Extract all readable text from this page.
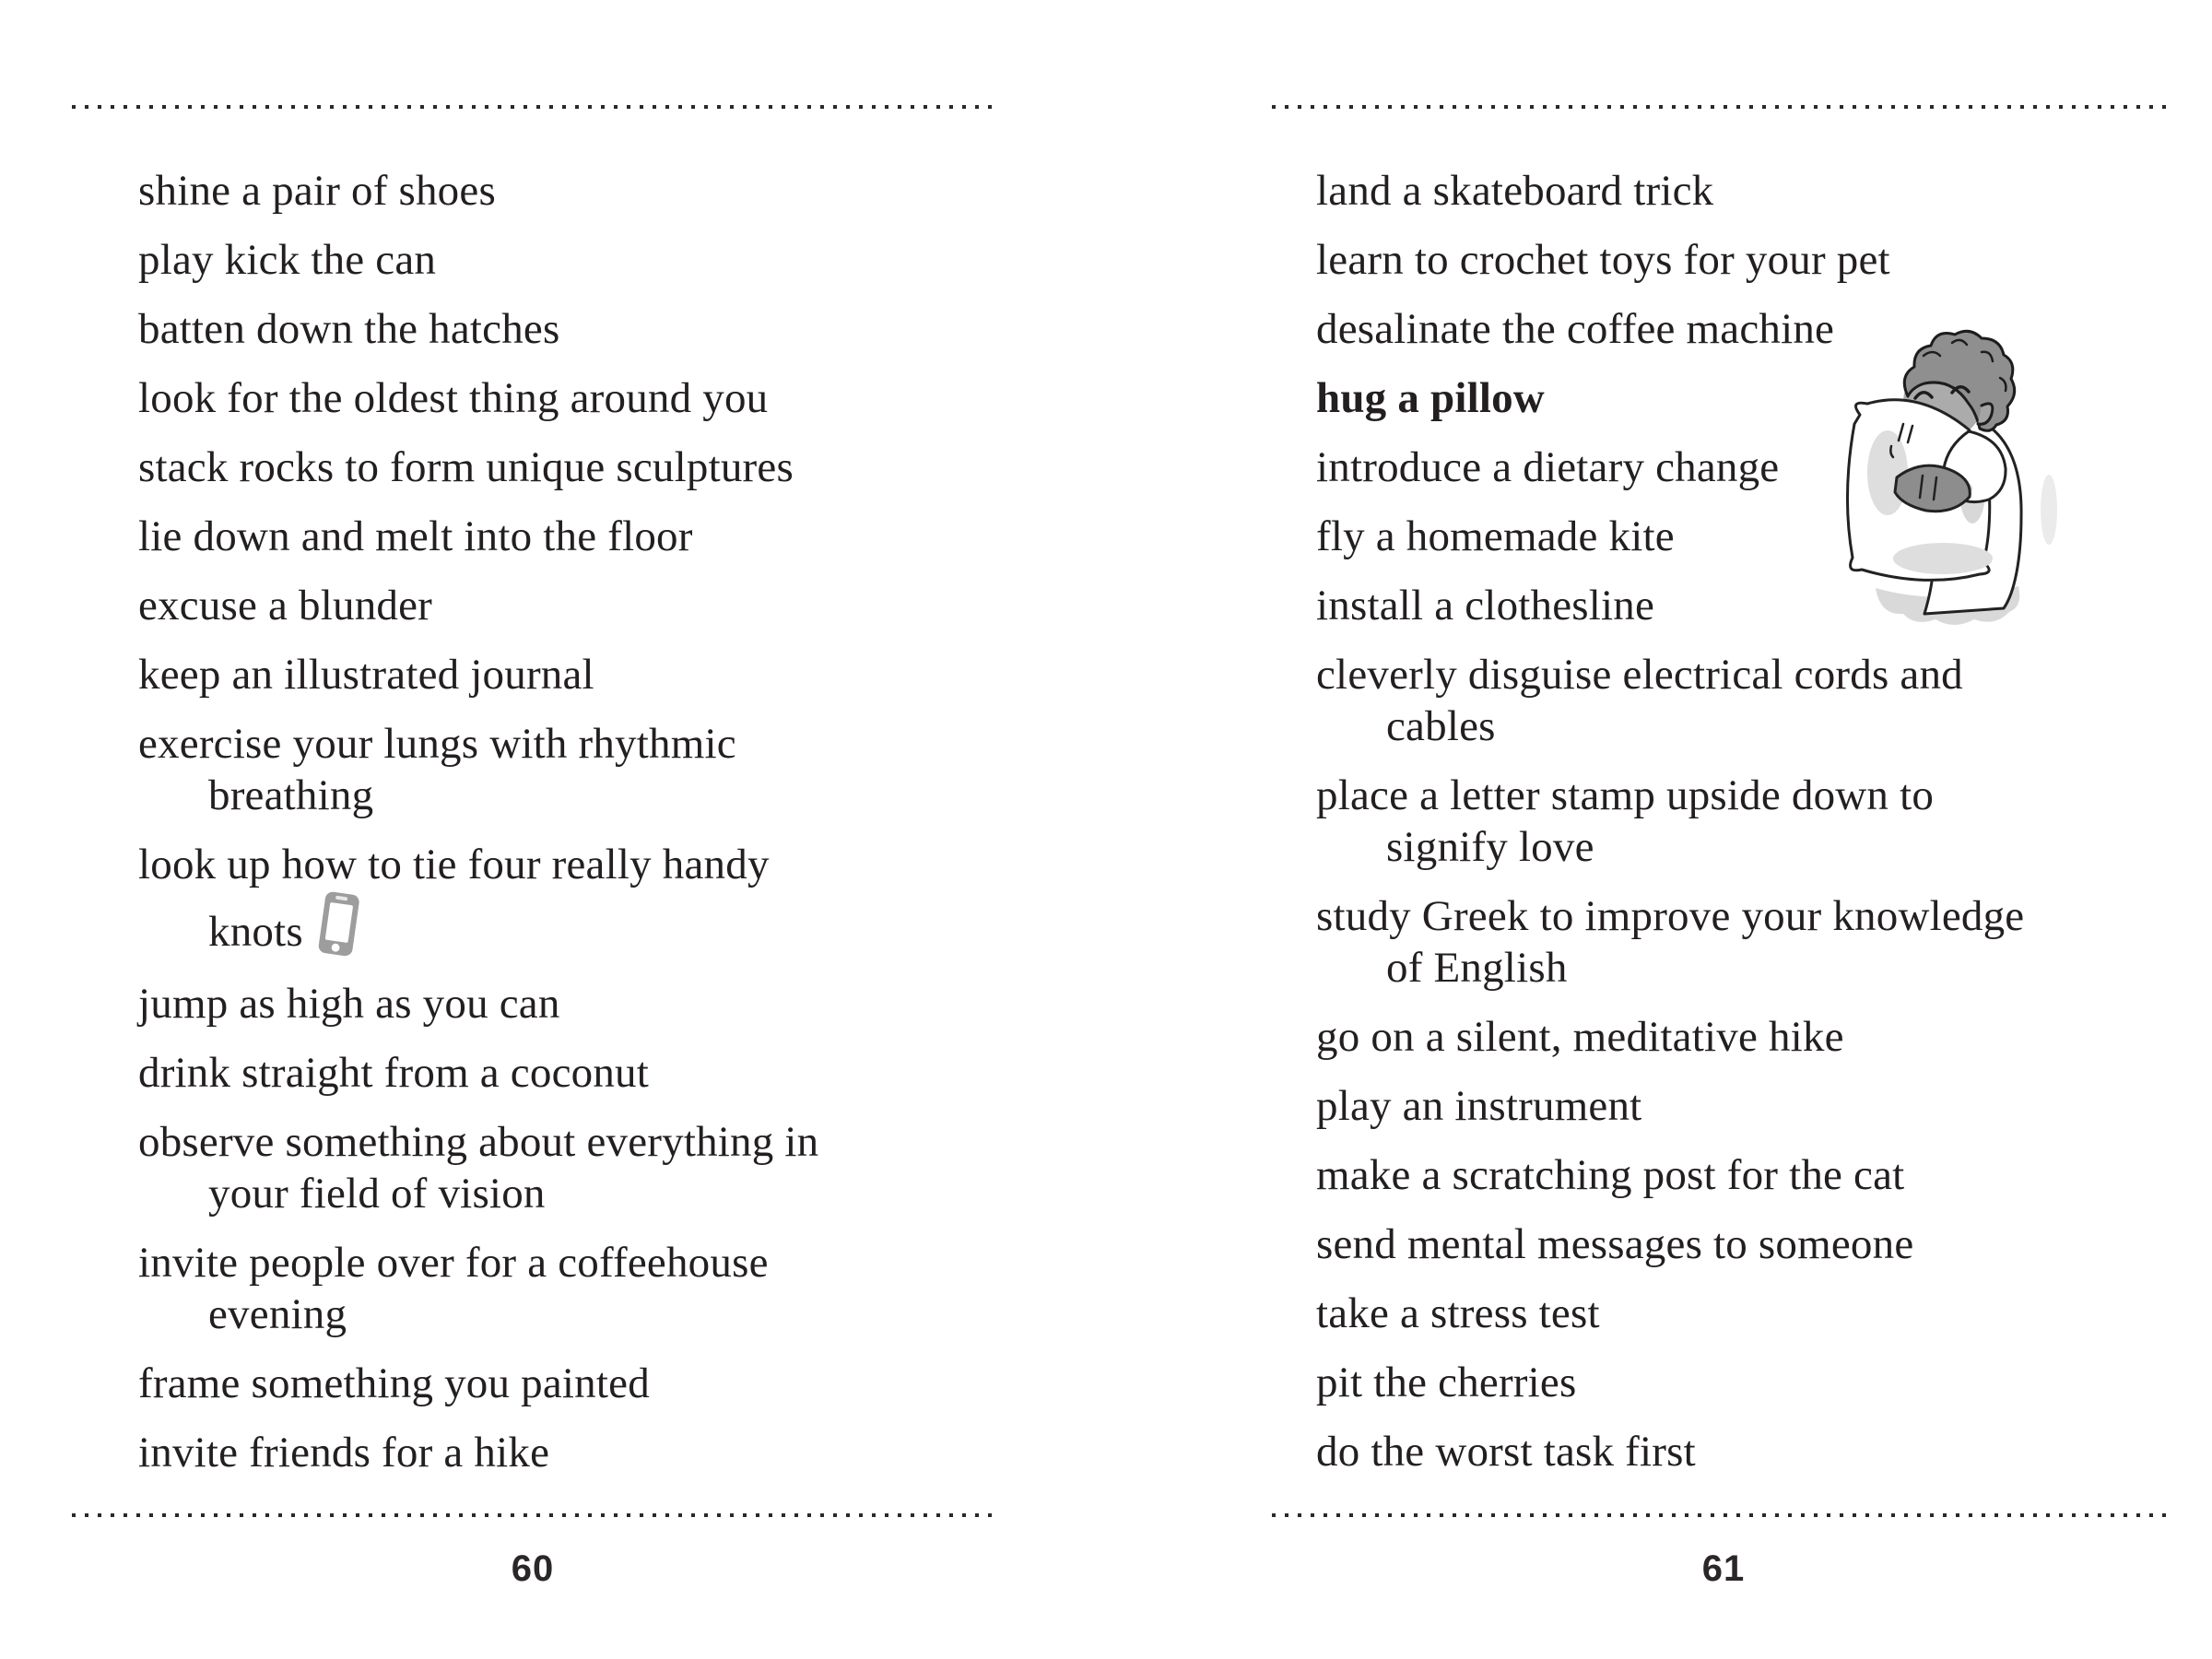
shine a pair of shoes

play kick the can

batten down the hatches

look for the oldest thing around you

stack rocks to form unique sculptures

lie down and melt into the floor

excuse a blunder

keep an illustrated journal

exercise your lungs with rhythmic
breathing

look up how to tie four really handy
knots

jump as high as you can

drink straight from a coconut

observe something about everything in
your field of vision

invite people over for a coffeehouse
evening

frame something you painted

invite friends for a hike

60

land a skateboard trick

learn to crochet toys for your pet

desalinate the coffee machine

hug a pillow

introduce a dietary change

fly a homemade kite

install a clothesline

cleverly disguise electrical cords and
cables

place a letter stamp upside down to
signify love

study Greek to improve your knowledge
of English

go on a silent, meditative hike

play an instrument

make a scratching post for the cat

send mental messages to someone

take a stress test

pit the cherries

do the worst task first

61
